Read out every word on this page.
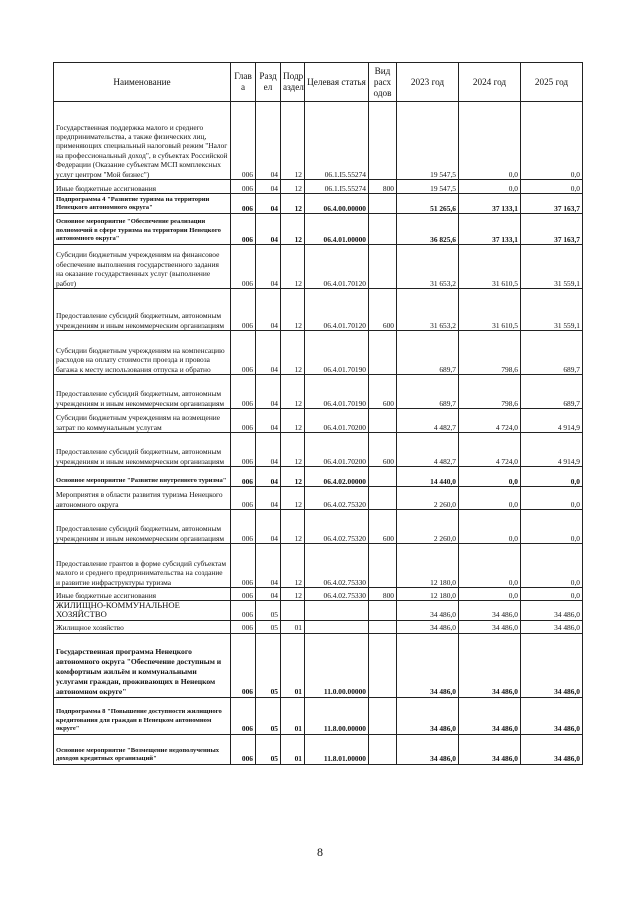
Наименование	Глав а	Разд ел	Подр аздел	Целевая статья	Вид расх одов	2023 год	2024 год	2025 год
Государственная поддержка малого и среднего предпринимательства, а также физических лиц, применяющих специальный налоговый режим "Налог на профессиональный доход", в субъектах Российской Федерации (Оказание субъектам МСП комплексных услуг центром "Мой бизнес")	006	04	12	06.1.I5.55274		19 547,5	0,0	0,0
Иные бюджетные ассигнования	006	04	12	06.1.I5.55274	800	19 547,5	0,0	0,0
Подпрограмма 4 "Развитие туризма на территории Ненецкого автономного округа"	006	04	12	06.4.00.00000		51 265,6	37 133,1	37 163,7
Основное мероприятие "Обеспечение реализации полномочий в сфере туризма на территории Ненецкого автономного округа"	006	04	12	06.4.01.00000		36 825,6	37 133,1	37 163,7
Субсидии бюджетным учреждениям на финансовое обеспечение выполнения государственного задания на оказание государственных услуг (выполнение работ)	006	04	12	06.4.01.70120		31 653,2	31 610,5	31 559,1
Предоставление субсидий бюджетным, автономным учреждениям и иным некоммерческим организациям	006	04	12	06.4.01.70120	600	31 653,2	31 610,5	31 559,1
Субсидии бюджетным учреждениям на компенсацию расходов на оплату стоимости проезда и провоза багажа к месту использования отпуска и обратно	006	04	12	06.4.01.70190		689,7	798,6	689,7
Предоставление субсидий бюджетным, автономным учреждениям и иным некоммерческим организациям	006	04	12	06.4.01.70190	600	689,7	798,6	689,7
Субсидии бюджетным учреждениям на возмещение затрат по коммунальным услугам	006	04	12	06.4.01.70200		4 482,7	4 724,0	4 914,9
Предоставление субсидий бюджетным, автономным учреждениям и иным некоммерческим организациям	006	04	12	06.4.01.70200	600	4 482,7	4 724,0	4 914,9
Основное мероприятие "Развитие внутреннего туризма"	006	04	12	06.4.02.00000		14 440,0	0,0	0,0
Мероприятия в области развития туризма Ненецкого автономного округа	006	04	12	06.4.02.75320		2 260,0	0,0	0,0
Предоставление субсидий бюджетным, автономным учреждениям и иным некоммерческим организациям	006	04	12	06.4.02.75320	600	2 260,0	0,0	0,0
Предоставление грантов в форме субсидий субъектам малого и среднего предпринимательства на создание и развитие инфраструктуры туризма	006	04	12	06.4.02.75330		12 180,0	0,0	0,0
Иные бюджетные ассигнования	006	04	12	06.4.02.75330	800	12 180,0	0,0	0,0
ЖИЛИЩНО-КОММУНАЛЬНОЕ ХОЗЯЙСТВО	006	05				34 486,0	34 486,0	34 486,0
Жилищное хозяйство	006	05	01			34 486,0	34 486,0	34 486,0
Государственная программа Ненецкого автономного округа "Обеспечение доступным и комфортным жильём и коммунальными услугами граждан, проживающих в Ненецком автономном округе"	006	05	01	11.0.00.00000		34 486,0	34 486,0	34 486,0
Подпрограмма 8 "Повышение доступности жилищного кредитования для граждан в Ненецком автономном округе"	006	05	01	11.8.00.00000		34 486,0	34 486,0	34 486,0
Основное мероприятие "Возмещение недополученных доходов кредитных организаций"	006	05	01	11.8.01.00000		34 486,0	34 486,0	34 486,0
8
